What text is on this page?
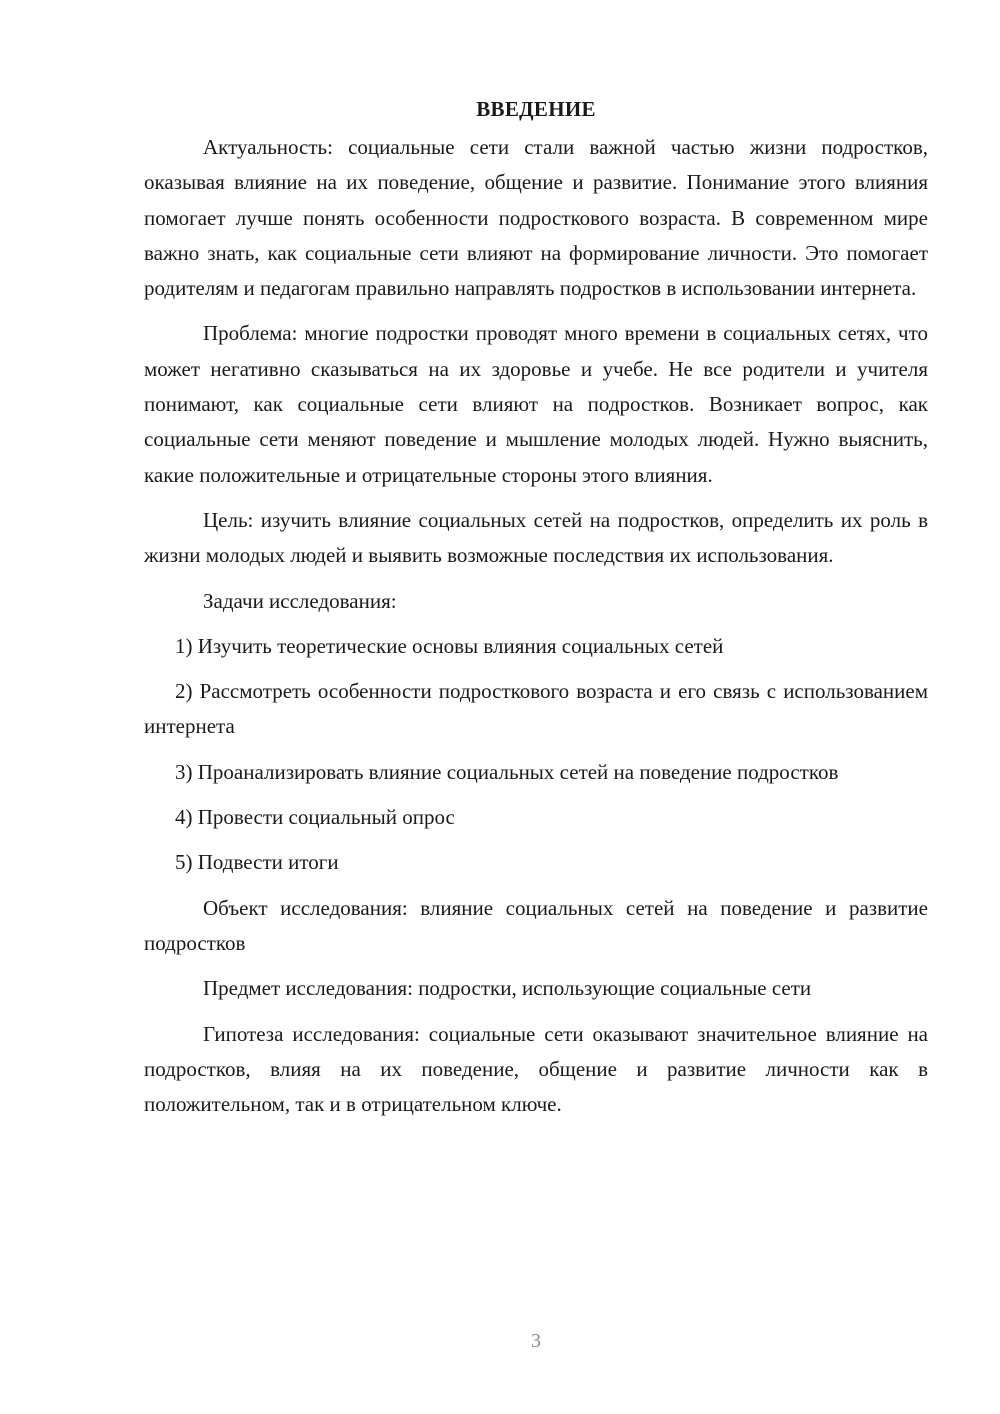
ВВЕДЕНИЕ

Актуальность: социальные сети стали важной частью жизни подростков, оказывая влияние на их поведение, общение и развитие. Понимание этого влияния помогает лучше понять особенности подросткового возраста. В современном мире важно знать, как социальные сети влияют на формирование личности. Это помогает родителям и педагогам правильно направлять подростков в использовании интернета.

Проблема: многие подростки проводят много времени в социальных сетях, что может негативно сказываться на их здоровье и учебе. Не все родители и учителя понимают, как социальные сети влияют на подростков. Возникает вопрос, как социальные сети меняют поведение и мышление молодых людей. Нужно выяснить, какие положительные и отрицательные стороны этого влияния.

Цель: изучить влияние социальных сетей на подростков, определить их роль в жизни молодых людей и выявить возможные последствия их использования.

Задачи исследования:

1) Изучить теоретические основы влияния социальных сетей

2) Рассмотреть особенности подросткового возраста и его связь с использованием интернета

3) Проанализировать влияние социальных сетей на поведение подростков

4) Провести социальный опрос

5) Подвести итоги

Объект исследования: влияние социальных сетей на поведение и развитие подростков

Предмет исследования: подростки, использующие социальные сети

Гипотеза исследования: социальные сети оказывают значительное влияние на подростков, влияя на их поведение, общение и развитие личности как в положительном, так и в отрицательном ключе.

3
